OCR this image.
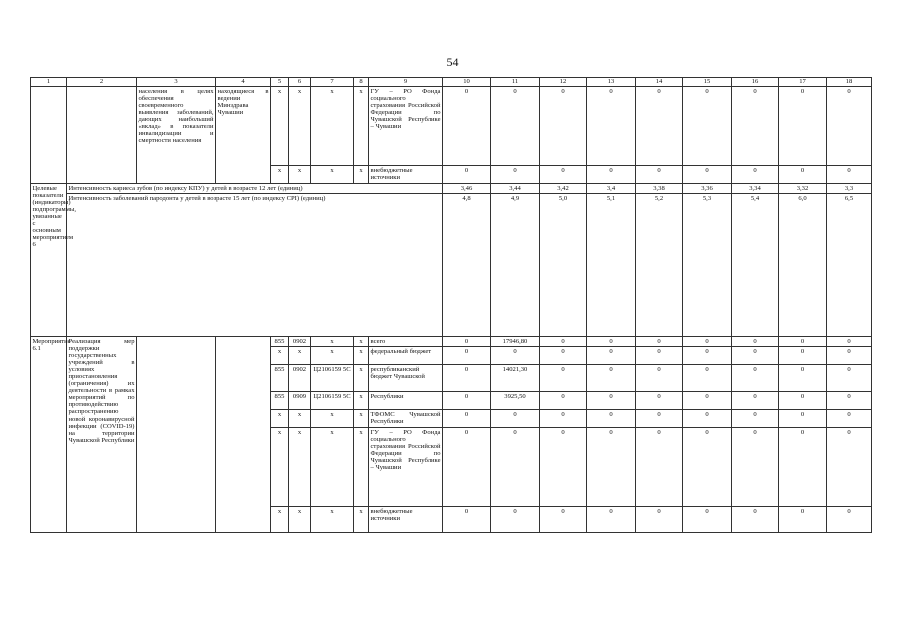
54
1	2	3	4	5	6	7	8	9	10	11	12	13	14	15	16	17	18
		населения в целях обеспечения своевременного выявления заболеваний, дающих наибольший «вклад» в показатели инвалидизации и смертности населения	находящиеся в ведении Минздрава Чувашии	x	x	x	x	ГУ – РО Фонда социального страхования Российской Федерации по Чувашской Республике – Чувашии	0	0	0	0	0	0	0	0	0
				x	x	x	x	внебюджетные источники	0	0	0	0	0	0	0	0	0
Целевые показатели (индикаторы) подпрограммы, увязанные с основным мероприятием 6	Интенсивность кариеса зубов (по индексу КПУ) у детей в возрасте 12 лет (единиц)								3,46	3,44	3,42	3,4	3,38	3,36	3,34	3,32	3,3
	Интенсивность заболеваний пародонта у детей в возрасте 15 лет (по индексу CPI) (единиц)								4,8	4,9	5,0	5,1	5,2	5,3	5,4	6,0	6,5
Мероприятие 6.1	Реализация мер поддержки государственных учреждений в условиях приостановления (ограничения) их деятельности в рамках мероприятий по противодействию распространению новой коронавирусной инфекции (COVID-19) на территории Чувашской Республики			855	0902	x	x	всего	0	17946,80	0	0	0	0	0	0	0
				x	x	x	x	федеральный бюджет	0	0	0	0	0	0	0	0	0
				855	0902	Ц2106159 5С	x	республиканский бюджет Чувашской	0	14021,30	0	0	0	0	0	0	0
				855	0909	Ц2106159 5С	x	Республики	0	3925,50	0	0	0	0	0	0	0
				x	x	x	x	ТФОМС Чувашской Республики	0	0	0	0	0	0	0	0	0
				x	x	x	x	ГУ – РО Фонда социального страхования Российской Федерации по Чувашской Республике – Чувашии	0	0	0	0	0	0	0	0	0
				x	x	x	x	внебюджетные источники	0	0	0	0	0	0	0	0	0
